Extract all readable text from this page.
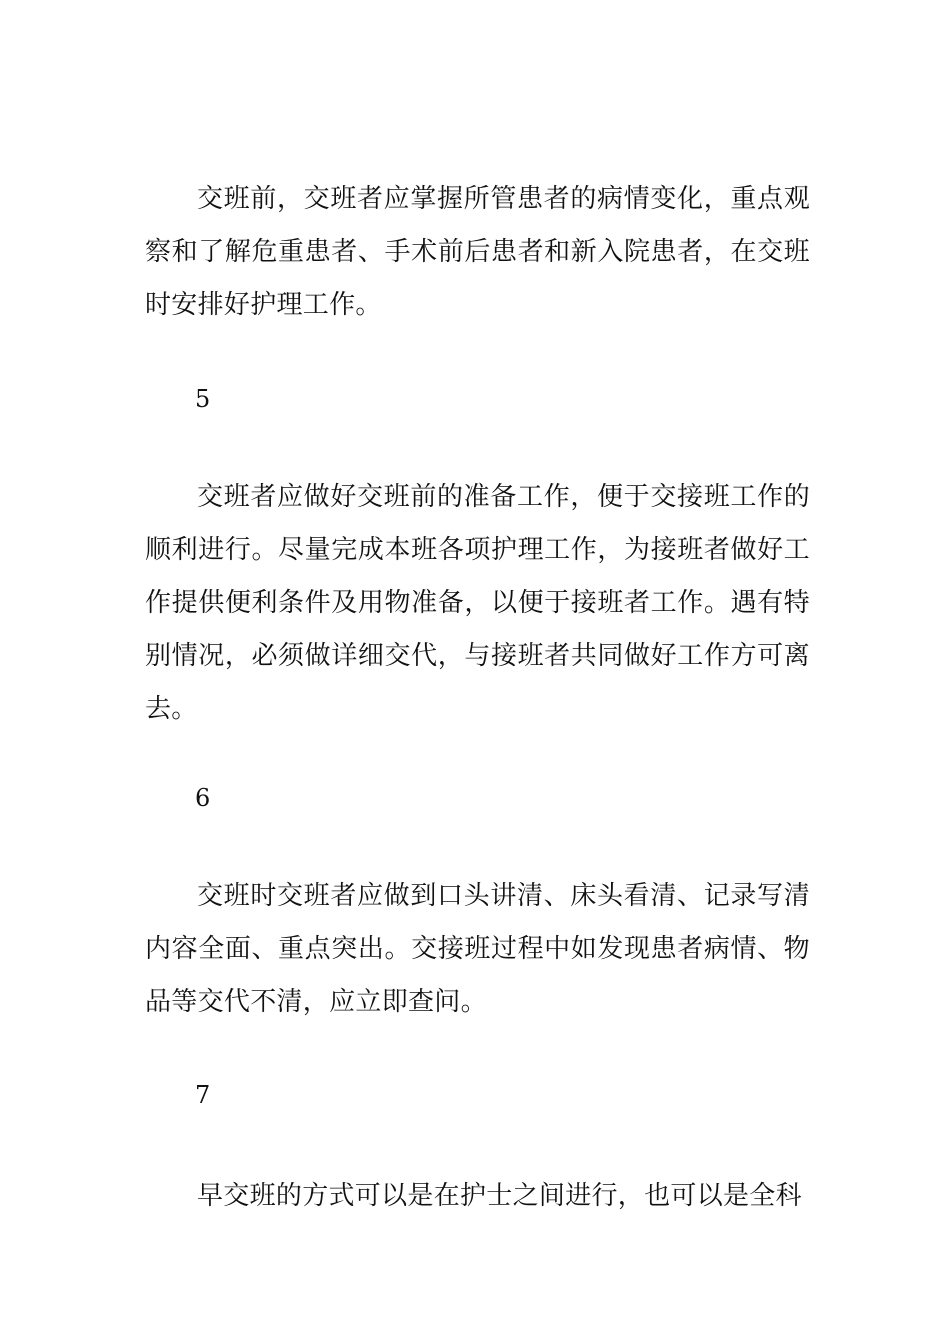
交班前，交班者应掌握所管患者的病情变化，重点观察和了解危重患者、手术前后患者和新入院患者，在交班时安排好护理工作。

5

交班者应做好交班前的准备工作，便于交接班工作的顺利进行。尽量完成本班各项护理工作，为接班者做好工作提供便利条件及用物准备，以便于接班者工作。遇有特别情况，必须做详细交代，与接班者共同做好工作方可离去。

6

交班时交班者应做到口头讲清、床头看清、记录写清内容全面、重点突出。交接班过程中如发现患者病情、物品等交代不清，应立即查问。

7

早交班的方式可以是在护士之间进行，也可以是全科
